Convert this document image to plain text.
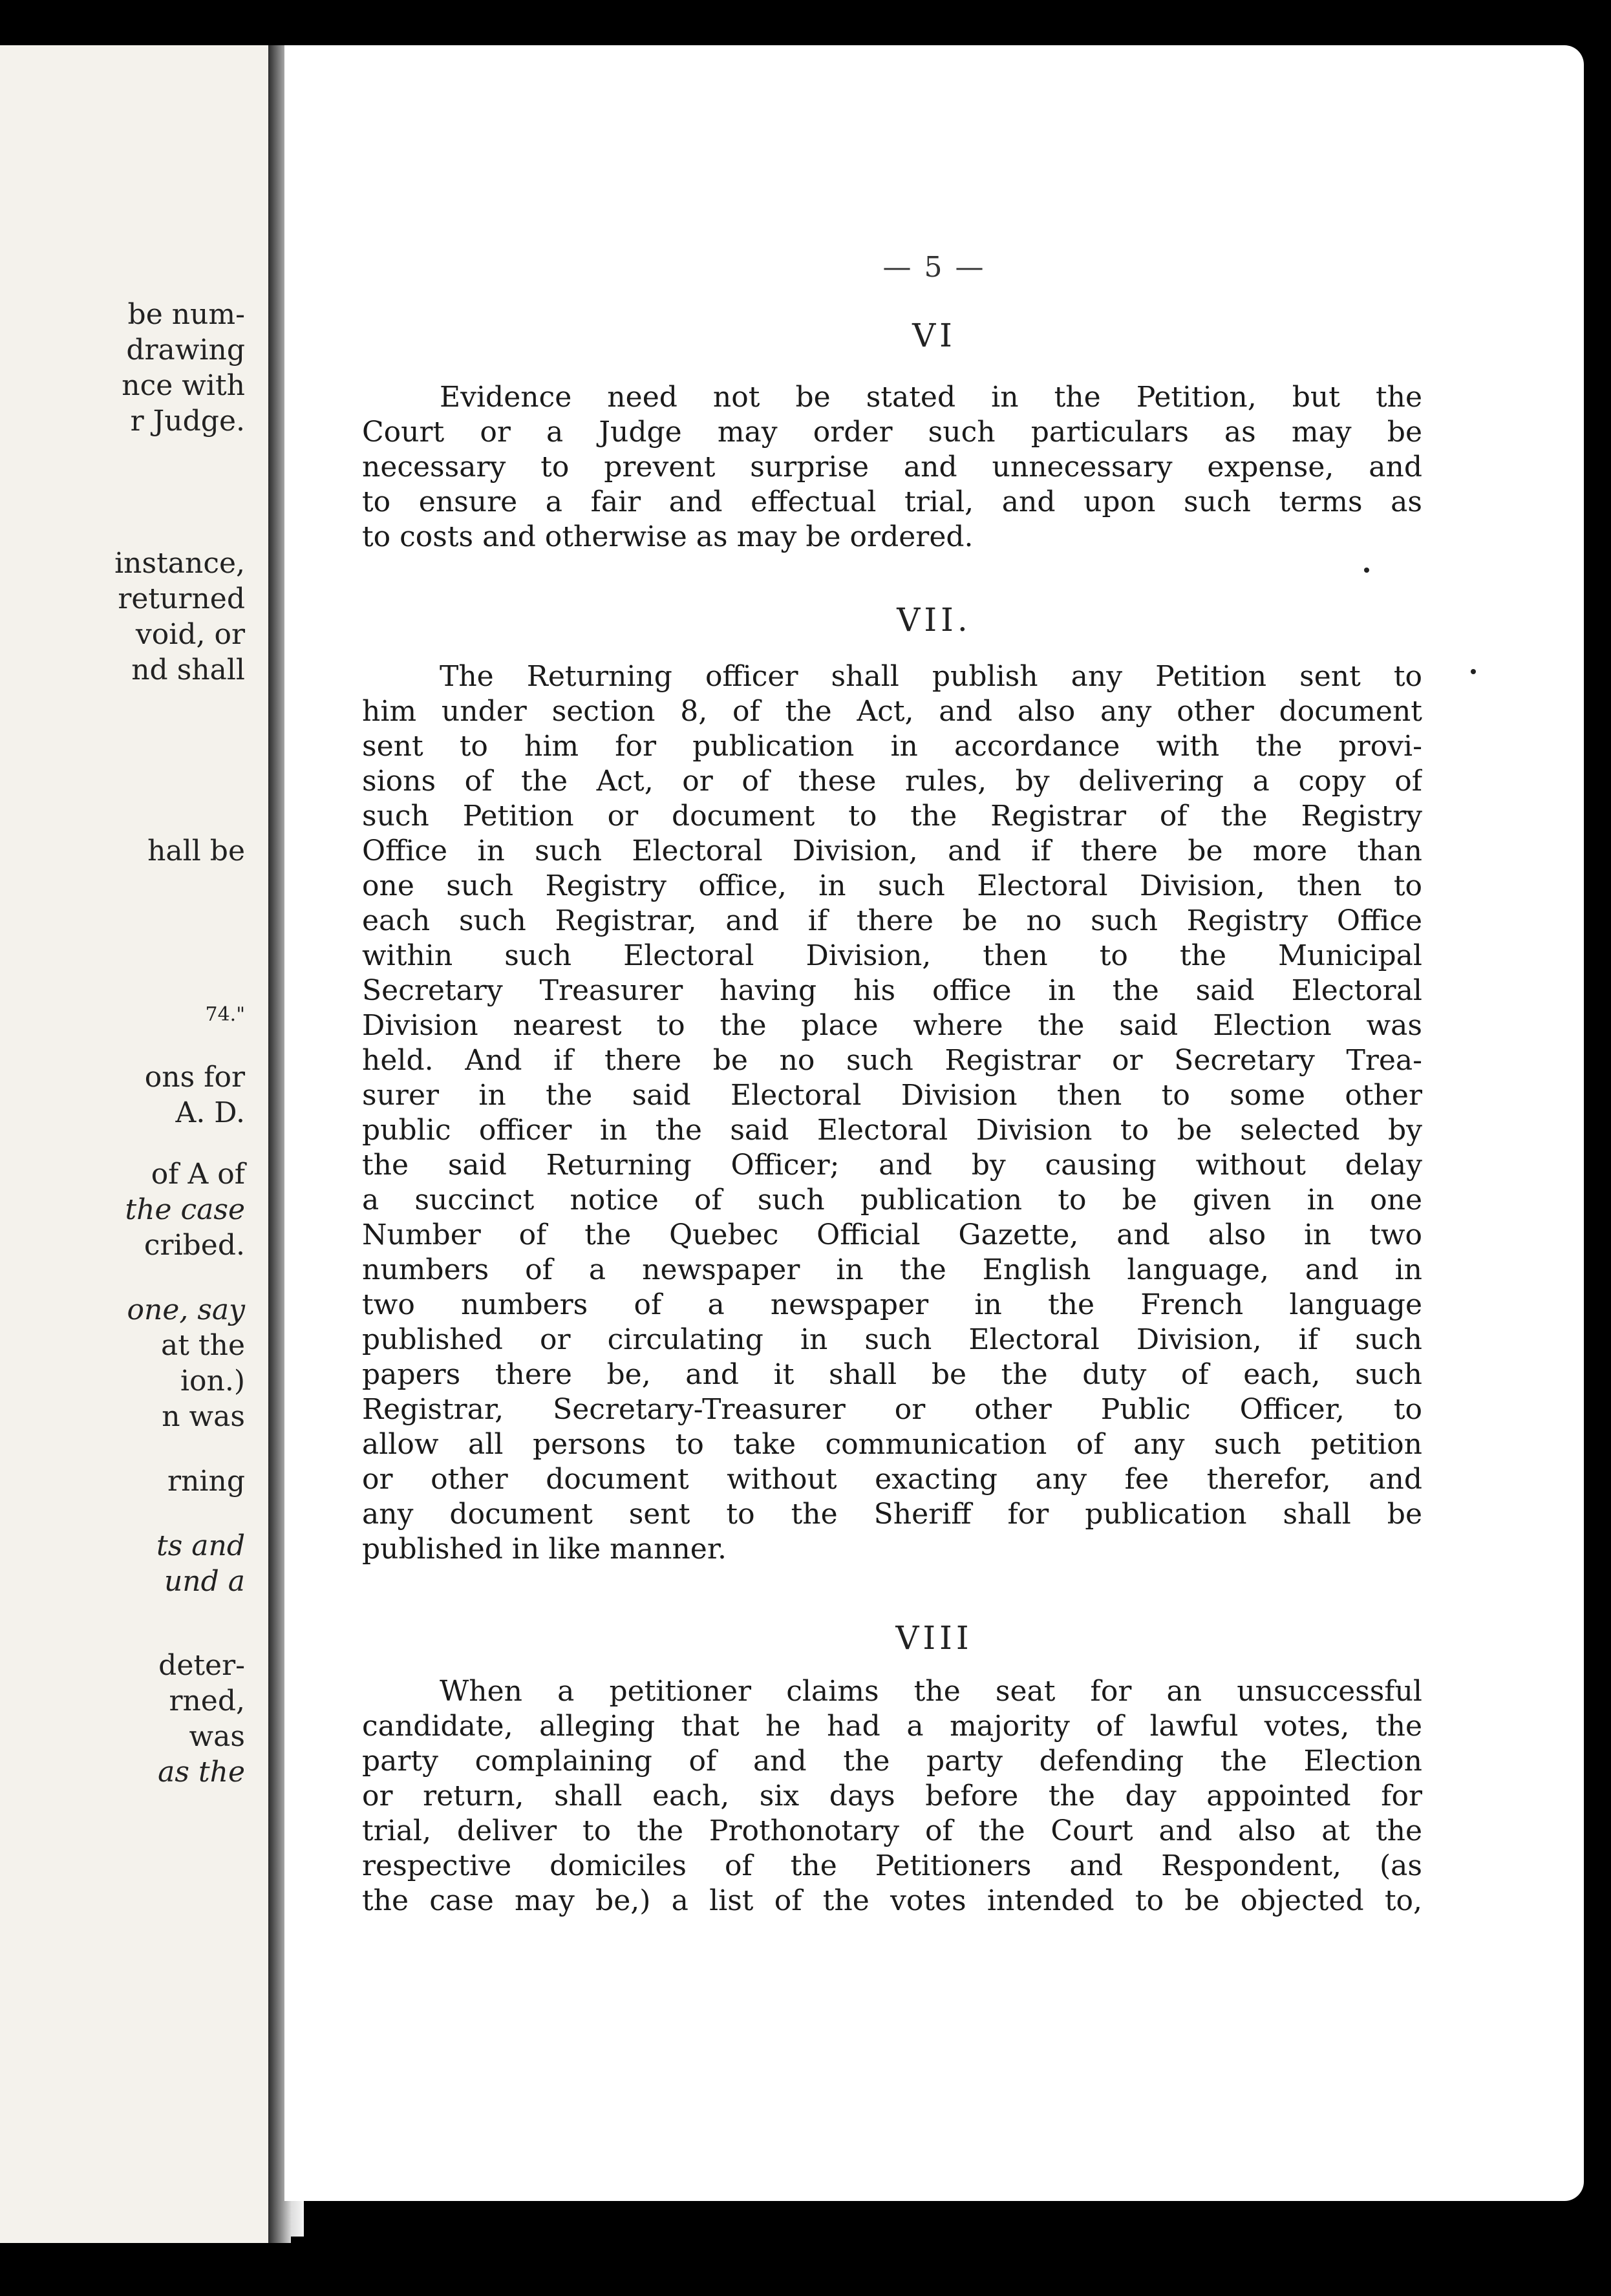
be num-
drawing
nce with
r Judge.
instance,
returned
void, or
nd shall
hall be
74."
ons for
A. D.
of A of
the case
cribed.
one, say
at the
ion.)
n was
rning
ts and
und a
deter-
rned,
was
as the
— 5 —
VI
Evidence need not be stated in the Petition, but the
Court or a Judge may order such particulars as may be
necessary to prevent surprise and unnecessary expense, and
to ensure a fair and effectual trial, and upon such terms as
to costs and otherwise as may be ordered.
VII.
The Returning officer shall publish any Petition sent to
him under section 8, of the Act, and also any other document
sent to him for publication in accordance with the provi-
sions of the Act, or of these rules, by delivering a copy of
such Petition or document to the Registrar of the Registry
Office in such Electoral Division, and if there be more than
one such Registry office, in such Electoral Division, then to
each such Registrar, and if there be no such Registry Office
within such Electoral Division, then to the Municipal
Secretary Treasurer having his office in the said Electoral
Division nearest to the place where the said Election was
held. And if there be no such Registrar or Secretary Trea-
surer in the said Electoral Division then to some other
public officer in the said Electoral Division to be selected by
the said Returning Officer; and by causing without delay
a succinct notice of such publication to be given in one
Number of the Quebec Official Gazette, and also in two
numbers of a newspaper in the English language, and in
two numbers of a newspaper in the French language
published or circulating in such Electoral Division, if such
papers there be, and it shall be the duty of each, such
Registrar, Secretary-Treasurer or other Public Officer, to
allow all persons to take communication of any such petition
or other document without exacting any fee therefor, and
any document sent to the Sheriff for publication shall be
published in like manner.
VIII
When a petitioner claims the seat for an unsuccessful
candidate, alleging that he had a majority of lawful votes, the
party complaining of and the party defending the Election
or return, shall each, six days before the day appointed for
trial, deliver to the Prothonotary of the Court and also at the
respective domiciles of the Petitioners and Respondent, (as
the case may be,) a list of the votes intended to be objected to,
